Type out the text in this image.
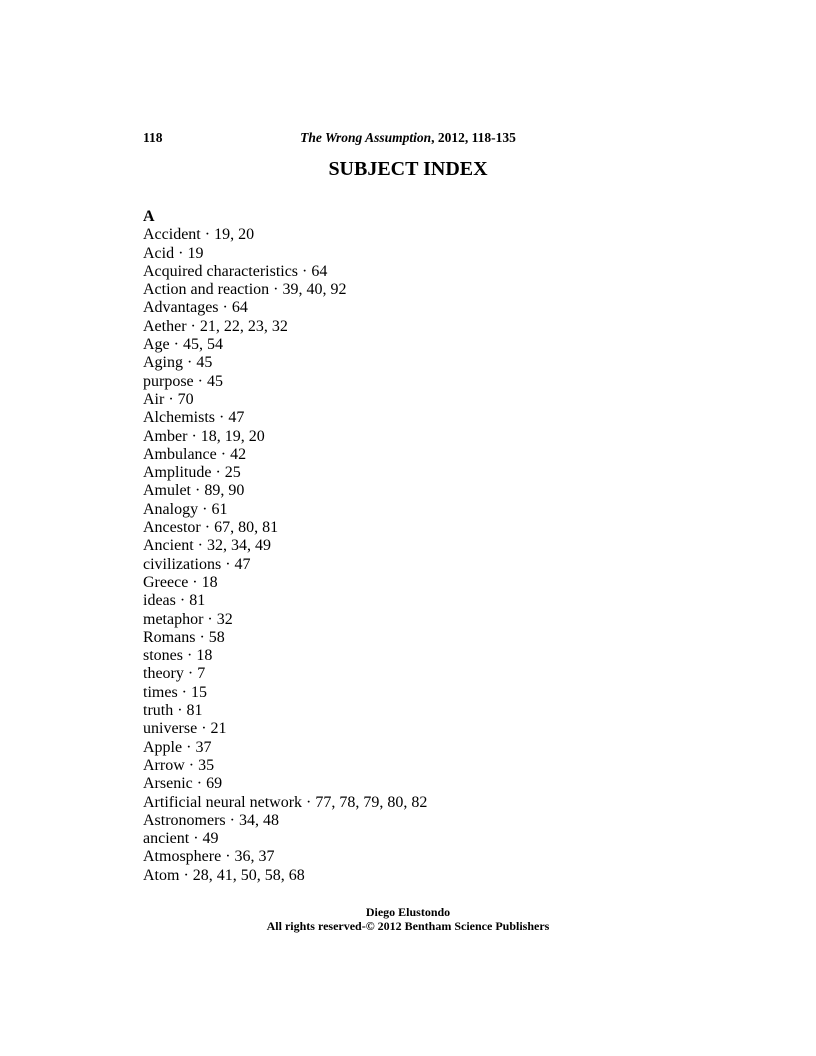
118	The Wrong Assumption, 2012, 118-135
SUBJECT INDEX
A
Accident · 19, 20
Acid · 19
Acquired characteristics · 64
Action and reaction · 39, 40, 92
Advantages · 64
Aether · 21, 22, 23, 32
Age · 45, 54
Aging · 45
purpose · 45
Air · 70
Alchemists · 47
Amber · 18, 19, 20
Ambulance · 42
Amplitude · 25
Amulet · 89, 90
Analogy · 61
Ancestor · 67, 80, 81
Ancient · 32, 34, 49
civilizations · 47
Greece · 18
ideas · 81
metaphor · 32
Romans · 58
stones · 18
theory · 7
times · 15
truth · 81
universe · 21
Apple · 37
Arrow · 35
Arsenic · 69
Artificial neural network · 77, 78, 79, 80, 82
Astronomers · 34, 48
ancient · 49
Atmosphere · 36, 37
Atom · 28, 41, 50, 58, 68
Diego Elustondo
All rights reserved-© 2012 Bentham Science Publishers
